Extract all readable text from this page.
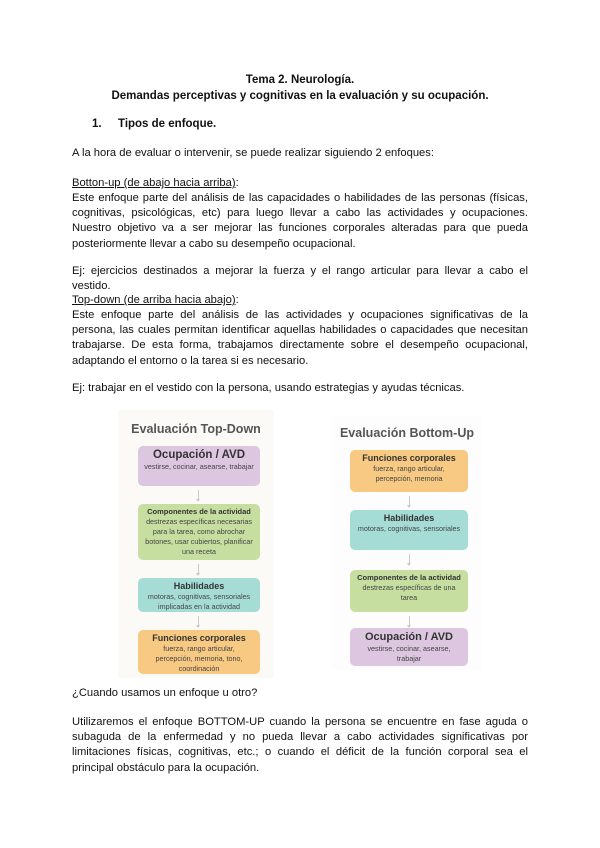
Tema 2. Neurología.
Demandas perceptivas y cognitivas en la evaluación y su ocupación.
1. Tipos de enfoque.
A la hora de evaluar o intervenir, se puede realizar siguiendo 2 enfoques:
Botton-up (de abajo hacia arriba):
Este enfoque parte del análisis de las capacidades o habilidades de las personas (físicas, cognitivas, psicológicas, etc) para luego llevar a cabo las actividades y ocupaciones. Nuestro objetivo va a ser mejorar las funciones corporales alteradas para que pueda posteriormente llevar a cabo su desempeño ocupacional.
Ej: ejercicios destinados a mejorar la fuerza y el rango articular para llevar a cabo el vestido.
Top-down (de arriba hacia abajo):
Este enfoque parte del análisis de las actividades y ocupaciones significativas de la persona, las cuales permitan identificar aquellas habilidades o capacidades que necesitan trabajarse. De esta forma, trabajamos directamente sobre el desempeño ocupacional, adaptando el entorno o la tarea si es necesario.
Ej: trabajar en el vestido con la persona, usando estrategias y ayudas técnicas.
Evaluación Top-Down
Ocupación / AVD
vestirse, cocinar, asearse, trabajar
Componentes de la actividad
destrezas específicas necesarias para la tarea, como abrochar botones, usar cubiertos, planificar una receta
Habilidades
motoras, cognitivas, sensoriales implicadas en la actividad
Funciones corporales
fuerza, rango articular, percepción, memoria, tono, coordinación
Evaluación Bottom-Up
Funciones corporales
fuerza, rango articular, percepción, memoria
Habilidades
motoras, cognitivas, sensoriales
Componentes de la actividad
destrezas específicas de una tarea
Ocupación / AVD
vestirse, cocinar, asearse, trabajar
¿Cuando usamos un enfoque u otro?
Utilizaremos el enfoque BOTTOM-UP cuando la persona se encuentre en fase aguda o subaguda de la enfermedad y no pueda llevar a cabo actividades significativas por limitaciones físicas, cognitivas, etc.; o cuando el déficit de la función corporal sea el principal obstáculo para la ocupación.
